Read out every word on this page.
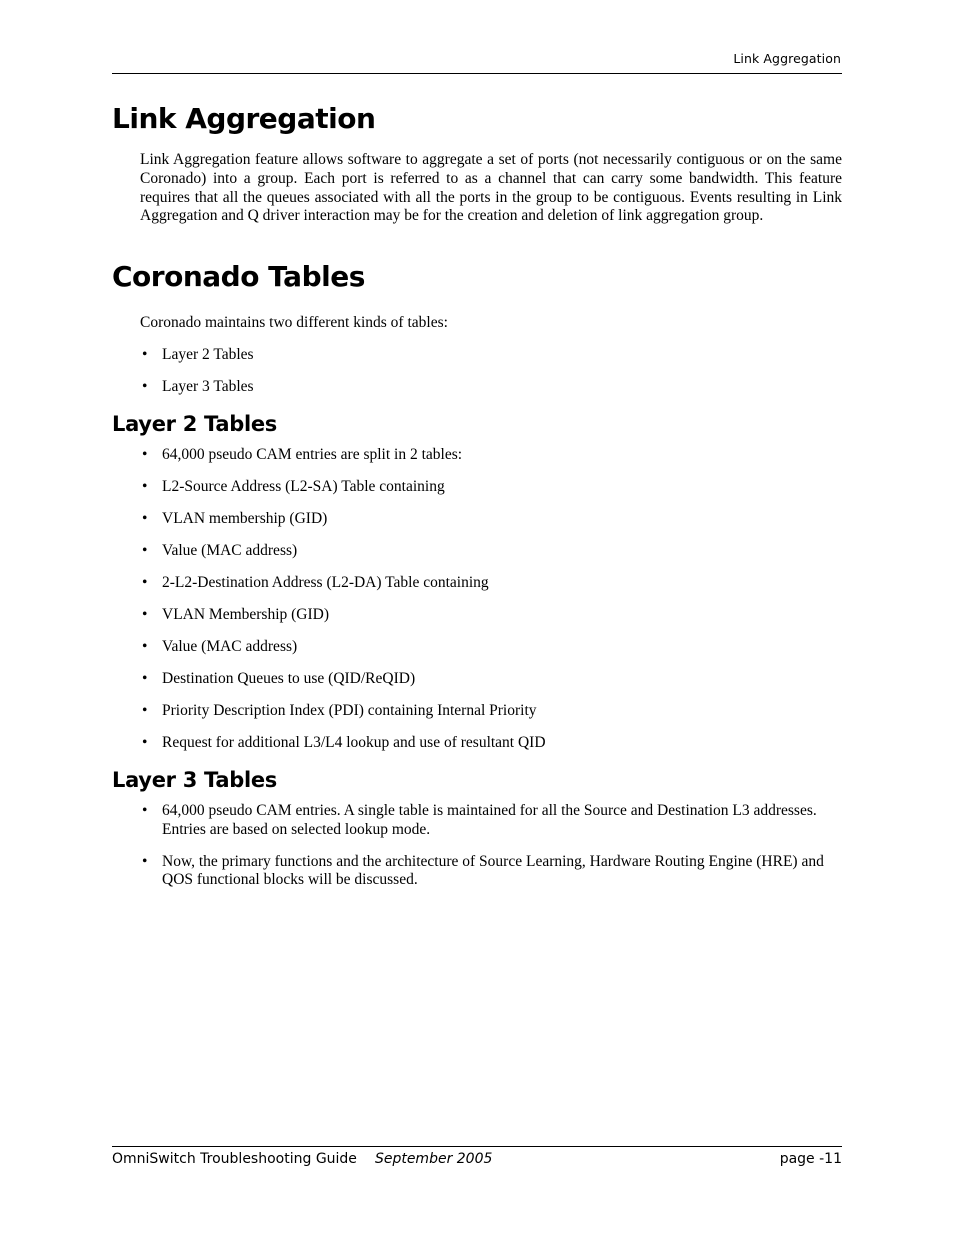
Link Aggregation
Link Aggregation

Link Aggregation feature allows software to aggregate a set of ports (not necessarily contiguous or on the same Coronado) into a group. Each port is referred to as a channel that can carry some bandwidth. This feature requires that all the queues associated with all the ports in the group to be contiguous. Events resulting in Link Aggregation and Q driver interaction may be for the creation and deletion of link aggregation group.

Coronado Tables

Coronado maintains two different kinds of tables:

• Layer 2 Tables
• Layer 3 Tables
Layer 2 Tables
• 64,000 pseudo CAM entries are split in 2 tables:
• L2-Source Address (L2-SA) Table containing
• VLAN membership (GID)
• Value (MAC address)
• 2-L2-Destination Address (L2-DA) Table containing
• VLAN Membership (GID)
• Value (MAC address)
• Destination Queues to use (QID/ReQID)
• Priority Description Index (PDI) containing Internal Priority
• Request for additional L3/L4 lookup and use of resultant QID
Layer 3 Tables
• 64,000 pseudo CAM entries. A single table is maintained for all the Source and Destination L3 addresses. Entries are based on selected lookup mode.
• Now, the primary functions and the architecture of Source Learning, Hardware Routing Engine (HRE) and QOS functional blocks will be discussed.
OmniSwitch Troubleshooting Guide September 2005	page -11
